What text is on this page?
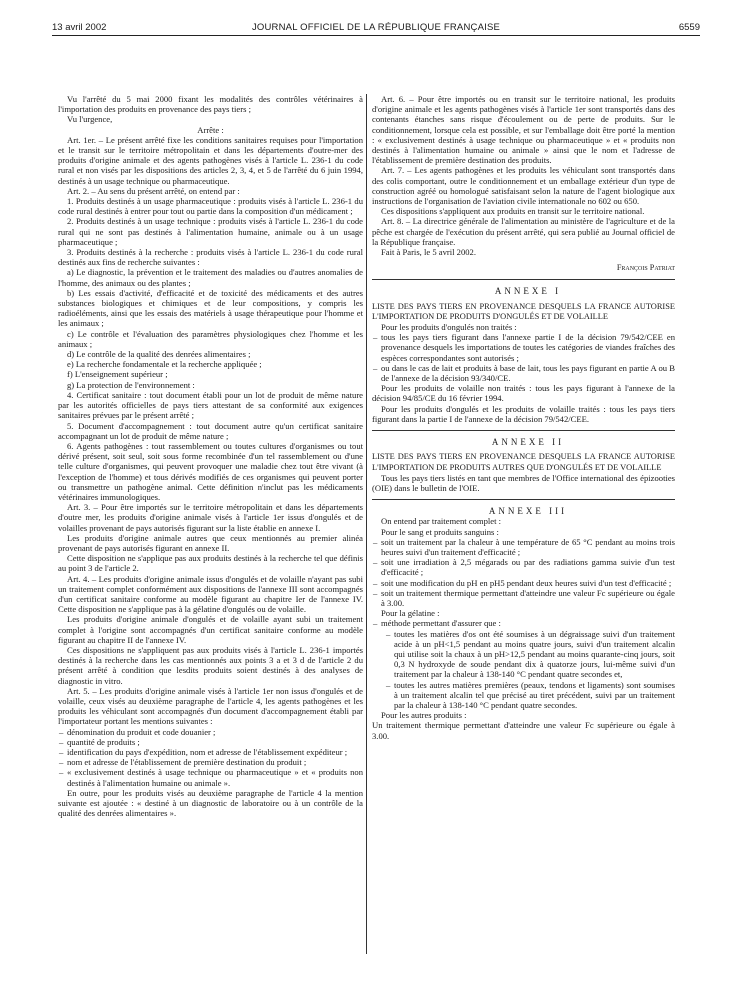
13 avril 2002	JOURNAL OFFICIEL DE LA RÉPUBLIQUE FRANÇAISE	6559

Vu l'arrêté du 5 mai 2000 fixant les modalités des contrôles vétérinaires à l'importation des produits en provenance des pays tiers ;

Vu l'urgence,

Arrête :

Art. 1er. – Le présent arrêté fixe les conditions sanitaires requises pour l'importation et le transit sur le territoire métropolitain et dans les départements d'outre-mer des produits d'origine animale et des agents pathogènes visés à l'article L. 236-1 du code rural et non visés par les dispositions des articles 2, 3, 4, et 5 de l'arrêté du 6 juin 1994, destinés à un usage technique ou pharmaceutique.

Art. 2. – Au sens du présent arrêté, on entend par :

1. Produits destinés à un usage pharmaceutique : produits visés à l'article L. 236-1 du code rural destinés à entrer pour tout ou partie dans la composition d'un médicament ;

2. Produits destinés à un usage technique : produits visés à l'article L. 236-1 du code rural qui ne sont pas destinés à l'alimentation humaine, animale ou à un usage pharmaceutique ;

3. Produits destinés à la recherche : produits visés à l'article L. 236-1 du code rural destinés aux fins de recherche suivantes :

a) Le diagnostic, la prévention et le traitement des maladies ou d'autres anomalies de l'homme, des animaux ou des plantes ;

b) Les essais d'activité, d'efficacité et de toxicité des médicaments et des autres substances biologiques et chimiques et de leur compositions, y compris les radioéléments, ainsi que les essais des matériels à usage thérapeutique pour l'homme et les animaux ;

c) Le contrôle et l'évaluation des paramètres physiologiques chez l'homme et les animaux ;

d) Le contrôle de la qualité des denrées alimentaires ;

e) La recherche fondamentale et la recherche appliquée ;

f) L'enseignement supérieur ;

g) La protection de l'environnement :

4. Certificat sanitaire : tout document établi pour un lot de produit de même nature par les autorités officielles de pays tiers attestant de sa conformité aux exigences sanitaires prévues par le présent arrêté ;

5. Document d'accompagnement : tout document autre qu'un certificat sanitaire accompagnant un lot de produit de même nature ;

6. Agents pathogènes : tout rassemblement ou toutes cultures d'organismes ou tout dérivé présent, soit seul, soit sous forme recombinée d'un tel rassemblement ou d'une telle culture d'organismes, qui peuvent provoquer une maladie chez tout être vivant (à l'exception de l'homme) et tous dérivés modifiés de ces organismes qui peuvent porter ou transmettre un pathogène animal. Cette définition n'inclut pas les médicaments vétérinaires immunologiques.

Art. 3. – Pour être importés sur le territoire métropolitain et dans les départements d'outre mer, les produits d'origine animale visés à l'article 1er issus d'ongulés et de volailles provenant de pays autorisés figurant sur la liste établie en annexe I.

Les produits d'origine animale autres que ceux mentionnés au premier alinéa provenant de pays autorisés figurant en annexe II.

Cette disposition ne s'applique pas aux produits destinés à la recherche tel que définis au point 3 de l'article 2.

Art. 4. – Les produits d'origine animale issus d'ongulés et de volaille n'ayant pas subi un traitement complet conformément aux dispositions de l'annexe III sont accompagnés d'un certificat sanitaire conforme au modèle figurant au chapitre Ier de l'annexe IV. Cette disposition ne s'applique pas à la gélatine d'ongulés ou de volaille.

Les produits d'origine animale d'ongulés et de volaille ayant subi un traitement complet à l'origine sont accompagnés d'un certificat sanitaire conforme au modèle figurant au chapitre II de l'annexe IV.

Ces dispositions ne s'appliquent pas aux produits visés à l'article L. 236-1 importés destinés à la recherche dans les cas mentionnés aux points 3 a et 3 d de l'article 2 du présent arrêté à condition que lesdits produits soient destinés à des analyses de diagnostic in vitro.

Art. 5. – Les produits d'origine animale visés à l'article 1er non issus d'ongulés et de volaille, ceux visés au deuxième paragraphe de l'article 4, les agents pathogènes et les produits les véhiculant sont accompagnés d'un document d'accompagnement établi par l'importateur portant les mentions suivantes :

– dénomination du produit et code douanier ;
– quantité de produits ;
– identification du pays d'expédition, nom et adresse de l'établissement expéditeur ;
– nom et adresse de l'établissement de première destination du produit ;
– « exclusivement destinés à usage technique ou pharmaceutique » et « produits non destinés à l'alimentation humaine ou animale ».

En outre, pour les produits visés au deuxième paragraphe de l'article 4 la mention suivante est ajoutée : « destiné à un diagnostic de laboratoire ou à un contrôle de la qualité des denrées alimentaires ».

Art. 6. – Pour être importés ou en transit sur le territoire national, les produits d'origine animale et les agents pathogènes visés à l'article 1er sont transportés dans des contenants étanches sans risque d'écoulement ou de perte de produits. Sur le conditionnement, lorsque cela est possible, et sur l'emballage doit être porté la mention : « exclusivement destinés à usage technique ou pharmaceutique » et « produits non destinés à l'alimentation humaine ou animale » ainsi que le nom et l'adresse de l'établissement de première destination des produits.

Art. 7. – Les agents pathogènes et les produits les véhiculant sont transportés dans des colis comportant, outre le conditionnement et un emballage extérieur d'un type de construction agréé ou homologué satisfaisant selon la nature de l'agent biologique aux instructions de l'organisation de l'aviation civile internationale no 602 ou 650.

Ces dispositions s'appliquent aux produits en transit sur le territoire national.

Art. 8. – La directrice générale de l'alimentation au ministère de l'agriculture et de la pêche est chargée de l'exécution du présent arrêté, qui sera publié au Journal officiel de la République française.

Fait à Paris, le 5 avril 2002.

François Patriat

ANNEXE I

LISTE DES PAYS TIERS EN PROVENANCE DESQUELS LA FRANCE AUTORISE L'IMPORTATION DE PRODUITS D'ONGULÉS ET DE VOLAILLE

Pour les produits d'ongulés non traités :

– tous les pays tiers figurant dans l'annexe partie I de la décision 79/542/CEE en provenance desquels les importations de toutes les catégories de viandes fraîches des espèces correspondantes sont autorisés ;
– ou dans le cas de lait et produits à base de lait, tous les pays figurant en partie A ou B de l'annexe de la décision 93/340/CE.

Pour les produits de volaille non traités : tous les pays figurant à l'annexe de la décision 94/85/CE du 16 février 1994.

Pour les produits d'ongulés et les produits de volaille traités : tous les pays tiers figurant dans la partie I de l'annexe de la décision 79/542/CEE.

ANNEXE II

LISTE DES PAYS TIERS EN PROVENANCE DESQUELS LA FRANCE AUTORISE L'IMPORTATION DE PRODUITS AUTRES QUE D'ONGULÉS ET DE VOLAILLE

Tous les pays tiers listés en tant que membres de l'Office international des épizooties (OIE) dans le bulletin de l'OIE.

ANNEXE III

On entend par traitement complet :

Pour le sang et produits sanguins :

– soit un traitement par la chaleur à une température de 65 °C pendant au moins trois heures suivi d'un traitement d'efficacité ;
– soit une irradiation à 2,5 mégarads ou par des radiations gamma suivie d'un test d'efficacité ;
– soit une modification du pH en pH5 pendant deux heures suivi d'un test d'efficacité ;
– soit un traitement thermique permettant d'atteindre une valeur Fc supérieure ou égale à 3.00.

Pour la gélatine :

– méthode permettant d'assurer que :
– toutes les matières d'os ont été soumises à un dégraissage suivi d'un traitement acide à un pH<1,5 pendant au moins quatre jours, suivi d'un traitement alcalin qui utilise soit la chaux à un pH>12,5 pendant au moins quarante-cinq jours, soit 0,3 N hydroxyde de soude pendant dix à quatorze jours, lui-même suivi d'un traitement par la chaleur à 138-140 °C pendant quatre secondes et,
– toutes les autres matières premières (peaux, tendons et ligaments) sont soumises à un traitement alcalin tel que précisé au tiret précédent, suivi par un traitement par la chaleur à 138-140 °C pendant quatre secondes.

Pour les autres produits :

Un traitement thermique permettant d'atteindre une valeur Fc supérieure ou égale à 3.00.
